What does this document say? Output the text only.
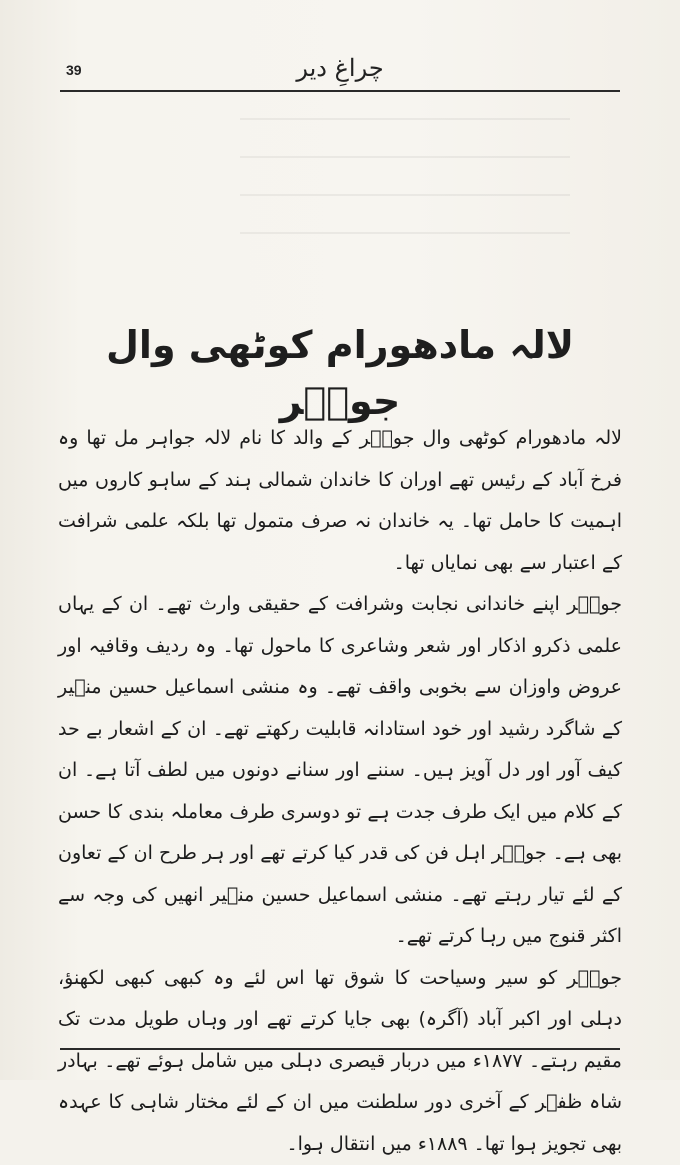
39	چراغِ دیر
لالہ مادھورام کوٹھی وال جوہؔر

لالہ مادھورام کوٹھی وال جوہؔر کے والد کا نام لالہ جواہر مل تھا وہ فرخ آباد کے رئیس تھے اوران کا خاندان شمالی ہند کے ساہو کاروں میں اہمیت کا حامل تھا۔ یہ خاندان نہ صرف متمول تھا بلکہ علمی شرافت کے اعتبار سے بھی نمایاں تھا۔

جوہؔر اپنے خاندانی نجابت وشرافت کے حقیقی وارث تھے۔ ان کے یہاں علمی ذکرو اذکار اور شعر وشاعری کا ماحول تھا۔ وہ ردیف وقافیہ اور عروض واوزان سے بخوبی واقف تھے۔ وہ منشی اسماعیل حسین منؔیر کے شاگرد رشید اور خود استادانہ قابلیت رکھتے تھے۔ ان کے اشعار بے حد کیف آور اور دل آویز ہیں۔ سننے اور سنانے دونوں میں لطف آتا ہے۔ ان کے کلام میں ایک طرف جدت ہے تو دوسری طرف معاملہ بندی کا حسن بھی ہے۔ جوہؔر اہل فن کی قدر کیا کرتے تھے اور ہر طرح ان کے تعاون کے لئے تیار رہتے تھے۔ منشی اسماعیل حسین منؔیر انھیں کی وجہ سے اکثر قنوج میں رہا کرتے تھے۔

جوہؔر کو سیر وسیاحت کا شوق تھا اس لئے وہ کبھی کبھی لکھنؤ، دہلی اور اکبر آباد (آگرہ) بھی جایا کرتے تھے اور وہاں طویل مدت تک مقیم رہتے۔ ۱۸۷۷ء میں دربار قیصری دہلی میں شامل ہوئے تھے۔ بہادر شاہ ظفؔر کے آخری دور سلطنت میں ان کے لئے مختار شاہی کا عہدہ بھی تجویز ہوا تھا۔ ۱۸۸۹ء میں انتقال ہوا۔
